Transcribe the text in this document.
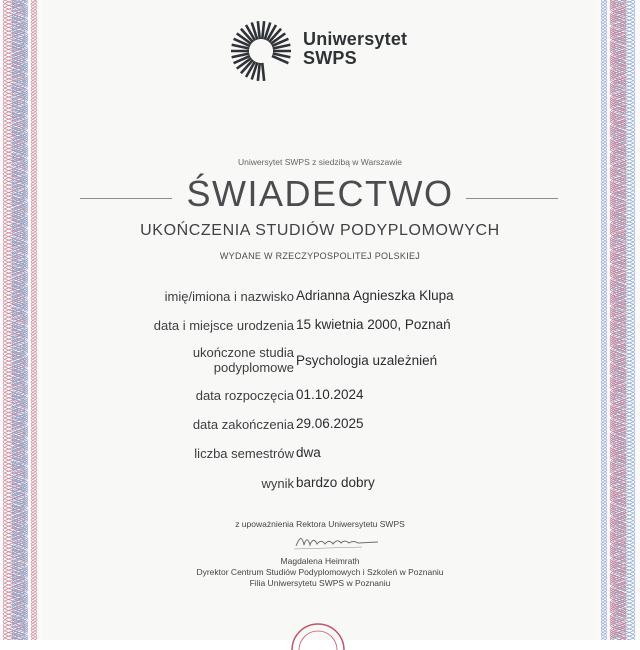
Uniwersytet
SWPS
Uniwersytet SWPS z siedzibą w Warszawie
ŚWIADECTWO
UKOŃCZENIA STUDIÓW PODYPLOMOWYCH
WYDANE W RZECZYPOSPOLITEJ POLSKIEJ
imię/imiona i nazwisko Adrianna Agnieszka Klupa
data i miejsce urodzenia 15 kwietnia 2000, Poznań
ukończone studia
podyplomowe Psychologia uzależnień
data rozpoczęcia 01.10.2024
data zakończenia 29.06.2025
liczba semestrów dwa
wynik bardzo dobry
z upoważnienia Rektora Uniwersytetu SWPS
Magdalena Heimrath
Dyrektor Centrum Studiów Podyplomowych i Szkoleń w Poznaniu
Filia Uniwersytetu SWPS w Poznaniu
